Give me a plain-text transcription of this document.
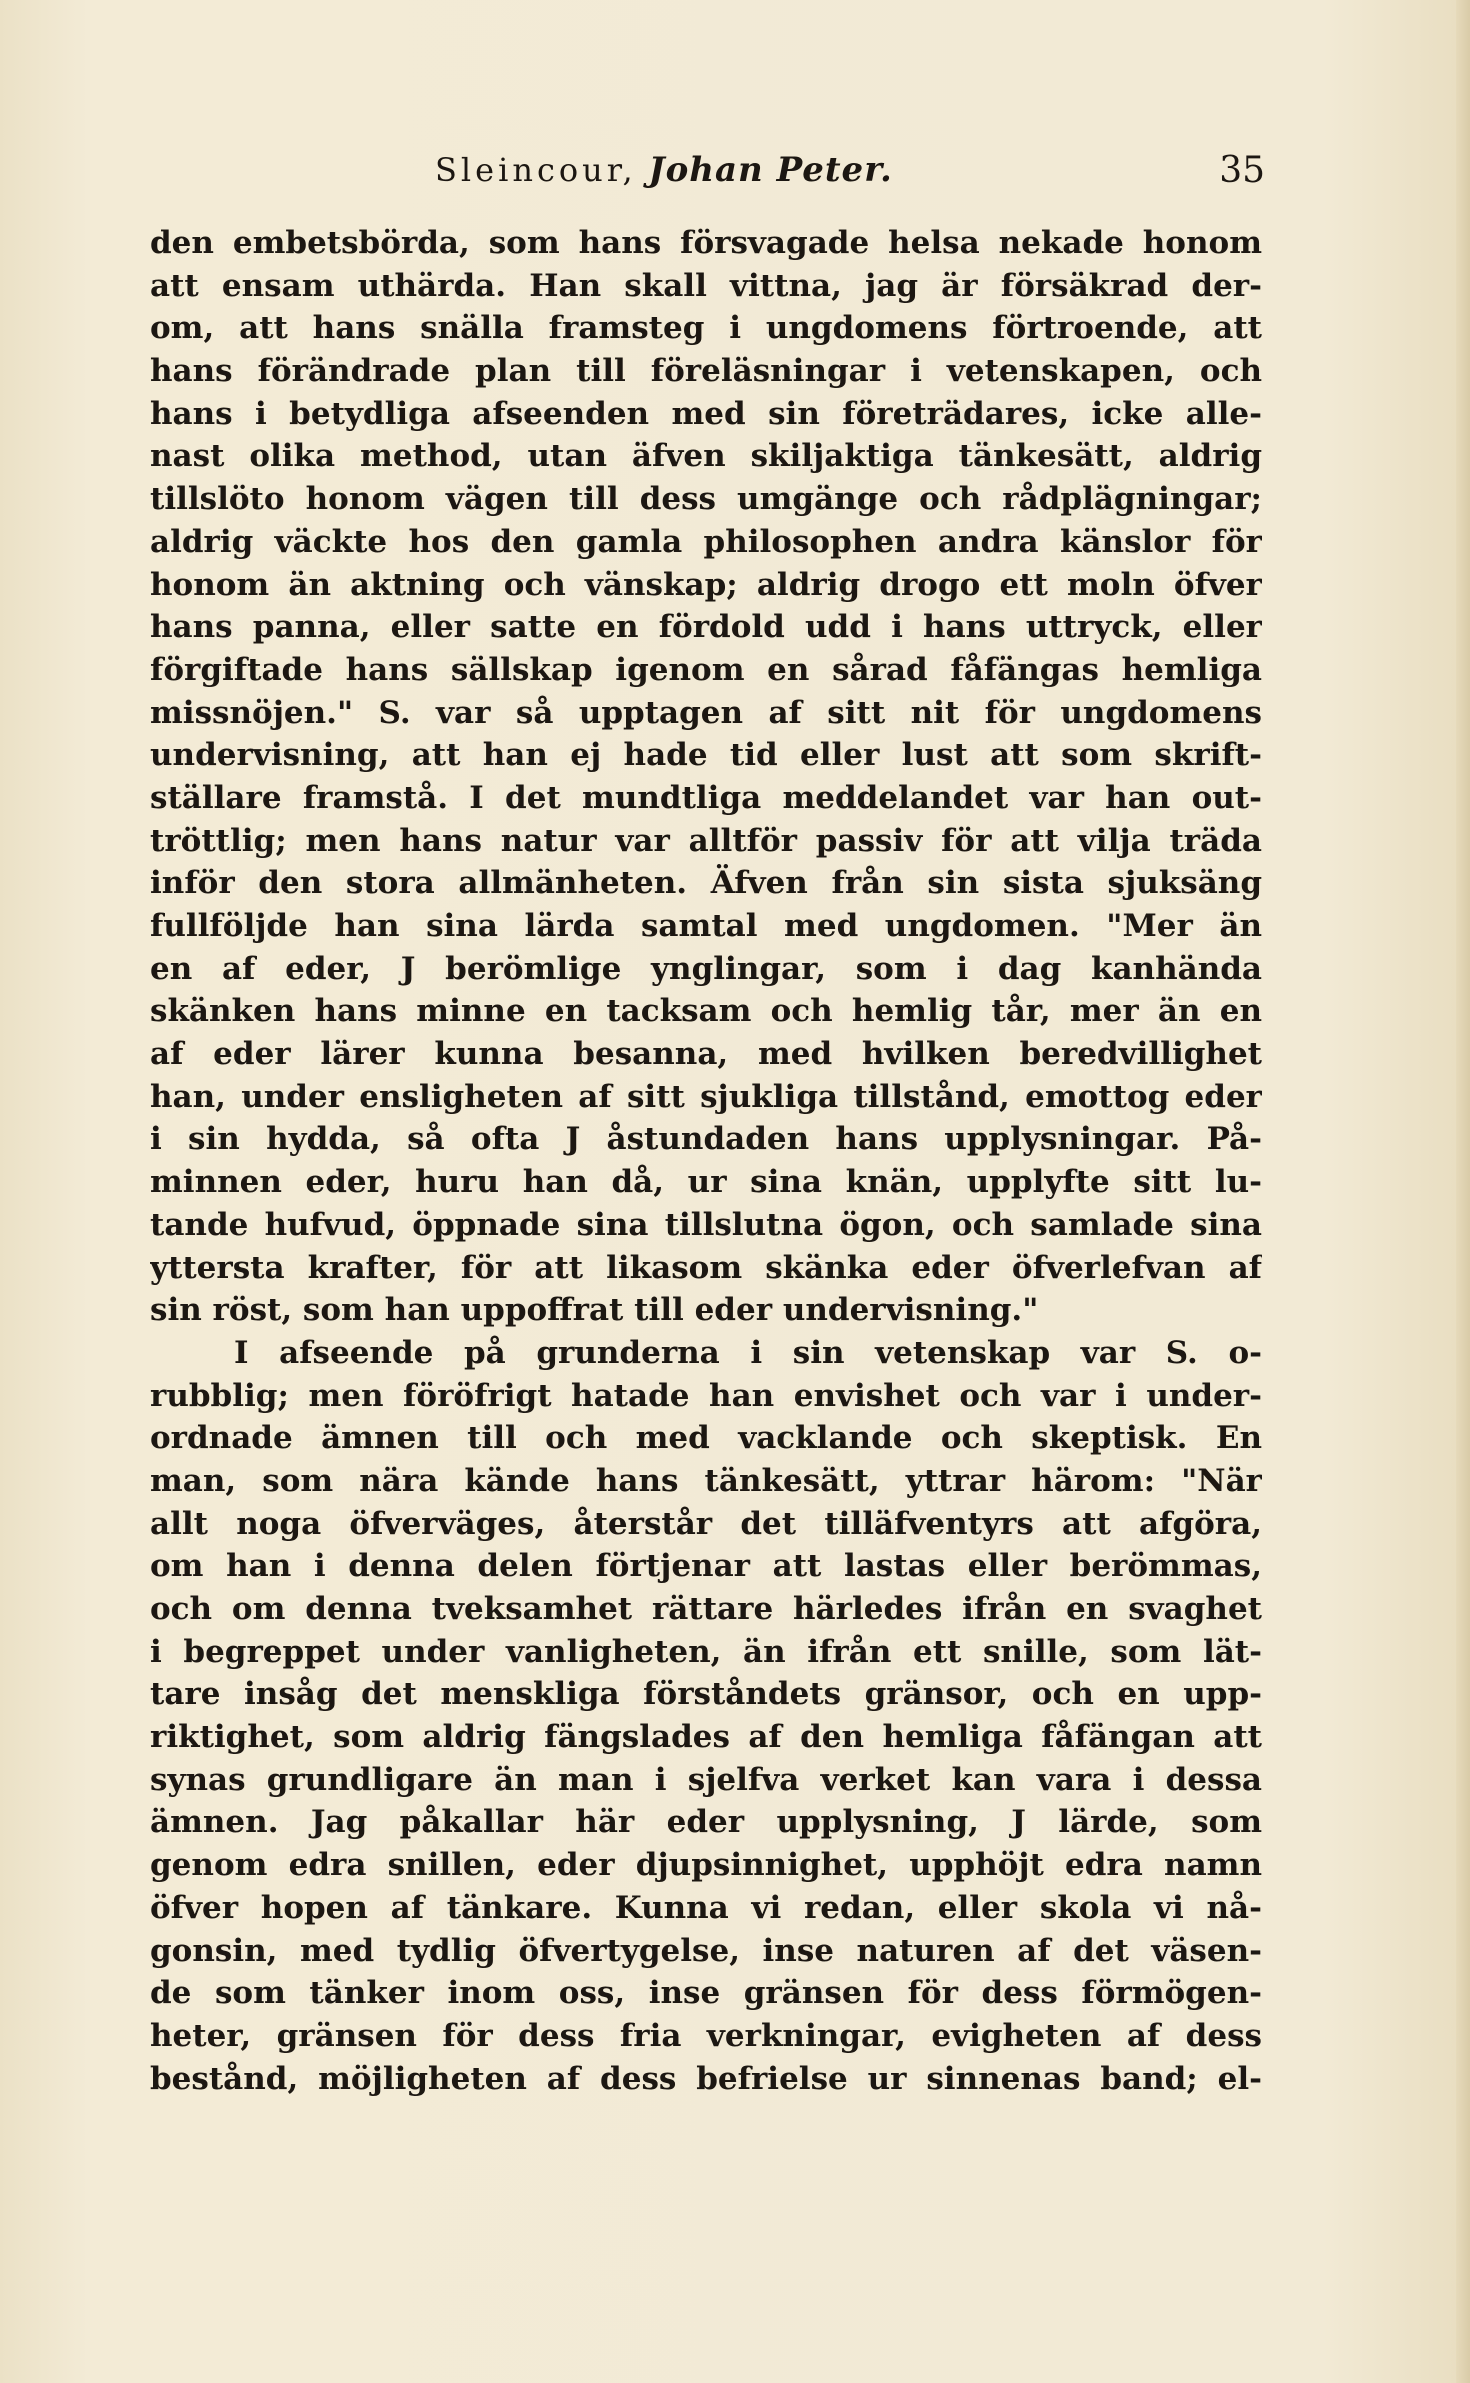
Sleincour, Johan Peter.	35
den embetsbörda, som hans försvagade helsa nekade honom
att ensam uthärda. Han skall vittna, jag är försäkrad der-
om, att hans snälla framsteg i ungdomens förtroende, att
hans förändrade plan till föreläsningar i vetenskapen, och
hans i betydliga afseenden med sin företrädares, icke alle-
nast olika method, utan äfven skiljaktiga tänkesätt, aldrig
tillslöto honom vägen till dess umgänge och rådplägningar;
aldrig väckte hos den gamla philosophen andra känslor för
honom än aktning och vänskap; aldrig drogo ett moln öfver
hans panna, eller satte en fördold udd i hans uttryck, eller
förgiftade hans sällskap igenom en sårad fåfängas hemliga
missnöjen." S. var så upptagen af sitt nit för ungdomens
undervisning, att han ej hade tid eller lust att som skrift-
ställare framstå. I det mundtliga meddelandet var han out-
tröttlig; men hans natur var alltför passiv för att vilja träda
inför den stora allmänheten. Äfven från sin sista sjuksäng
fullföljde han sina lärda samtal med ungdomen. "Mer än
en af eder, J berömlige ynglingar, som i dag kanhända
skänken hans minne en tacksam och hemlig tår, mer än en
af eder lärer kunna besanna, med hvilken beredvillighet
han, under ensligheten af sitt sjukliga tillstånd, emottog eder
i sin hydda, så ofta J åstundaden hans upplysningar. På-
minnen eder, huru han då, ur sina knän, upplyfte sitt lu-
tande hufvud, öppnade sina tillslutna ögon, och samlade sina
yttersta krafter, för att likasom skänka eder öfverlefvan af
sin röst, som han uppoffrat till eder undervisning."
I afseende på grunderna i sin vetenskap var S. o-
rubblig; men föröfrigt hatade han envishet och var i under-
ordnade ämnen till och med vacklande och skeptisk. En
man, som nära kände hans tänkesätt, yttrar härom: "När
allt noga öfverväges, återstår det tilläfventyrs att afgöra,
om han i denna delen förtjenar att lastas eller berömmas,
och om denna tveksamhet rättare härledes ifrån en svaghet
i begreppet under vanligheten, än ifrån ett snille, som lät-
tare insåg det menskliga förståndets gränsor, och en upp-
riktighet, som aldrig fängslades af den hemliga fåfängan att
synas grundligare än man i sjelfva verket kan vara i dessa
ämnen. Jag påkallar här eder upplysning, J lärde, som
genom edra snillen, eder djupsinnighet, upphöjt edra namn
öfver hopen af tänkare. Kunna vi redan, eller skola vi nå-
gonsin, med tydlig öfvertygelse, inse naturen af det väsen-
de som tänker inom oss, inse gränsen för dess förmögen-
heter, gränsen för dess fria verkningar, evigheten af dess
bestånd, möjligheten af dess befrielse ur sinnenas band; el-
